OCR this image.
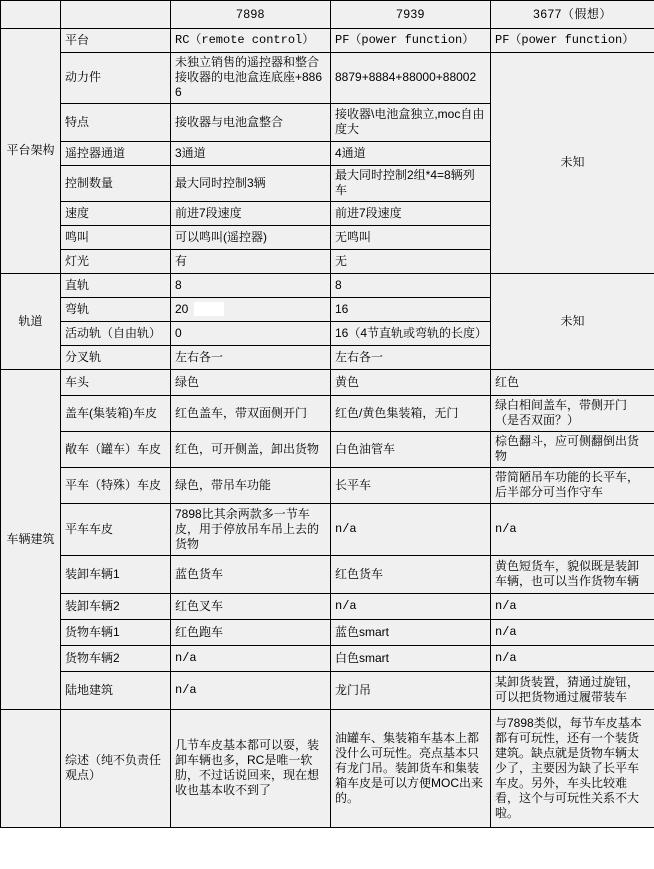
		7898	7939	3677（假想）
平台架构	平台	RC（remote control）	PF（power function）	PF（power function）
	动力件	未独立销售的遥控器和整合接收器的电池盒连底座+8866	8879+8884+88000+88002	未知
	特点	接收器与电池盒整合	接收器\电池盒独立,moc自由度大	
	遥控器通道	3通道	4通道	
	控制数量	最大同时控制3辆	最大同时控制2组*4=8辆列车	
	速度	前进7段速度	前进7段速度	
	鸣叫	可以鸣叫(遥控器)	无鸣叫	
	灯光	有	无	
轨道	直轨	8	8	未知
	弯轨	20	16	
	活动轨（自由轨）	0	16（4节直轨或弯轨的长度）	
	分叉轨	左右各一	左右各一	
车辆建筑	车头	绿色	黄色	红色
	盖车(集装箱)车皮	红色盖车，带双面侧开门	红色/黄色集装箱，无门	绿白相间盖车，带侧开门（是否双面？）
	敞车（罐车）车皮	红色，可开侧盖，卸出货物	白色油管车	棕色翻斗，应可侧翻倒出货物
	平车（特殊）车皮	绿色，带吊车功能	长平车	带简陋吊车功能的长平车，后半部分可当作守车
	平车车皮	7898比其余两款多一节车皮，用于停放吊车吊上去的货物	n/a	n/a
	装卸车辆1	蓝色货车	红色货车	黄色短货车，貌似既是装卸车辆，也可以当作货物车辆
	装卸车辆2	红色叉车	n/a	n/a
	货物车辆1	红色跑车	蓝色smart	n/a
	货物车辆2	n/a	白色smart	n/a
	陆地建筑	n/a	龙门吊	某卸货装置，猜通过旋钮，可以把货物通过履带装车
	综述（纯不负责任观点）	几节车皮基本都可以耍，装卸车辆也多，RC是唯一软肋，不过话说回来，现在想收也基本收不到了	油罐车、集装箱车基本上都没什么可玩性。亮点基本只有龙门吊。装卸货车和集装箱车皮是可以方便MOC出来的。	与7898类似，每节车皮基本都有可玩性，还有一个装货建筑。缺点就是货物车辆太少了，主要因为缺了长平车车皮。另外，车头比较难看，这个与可玩性关系不大啦。
